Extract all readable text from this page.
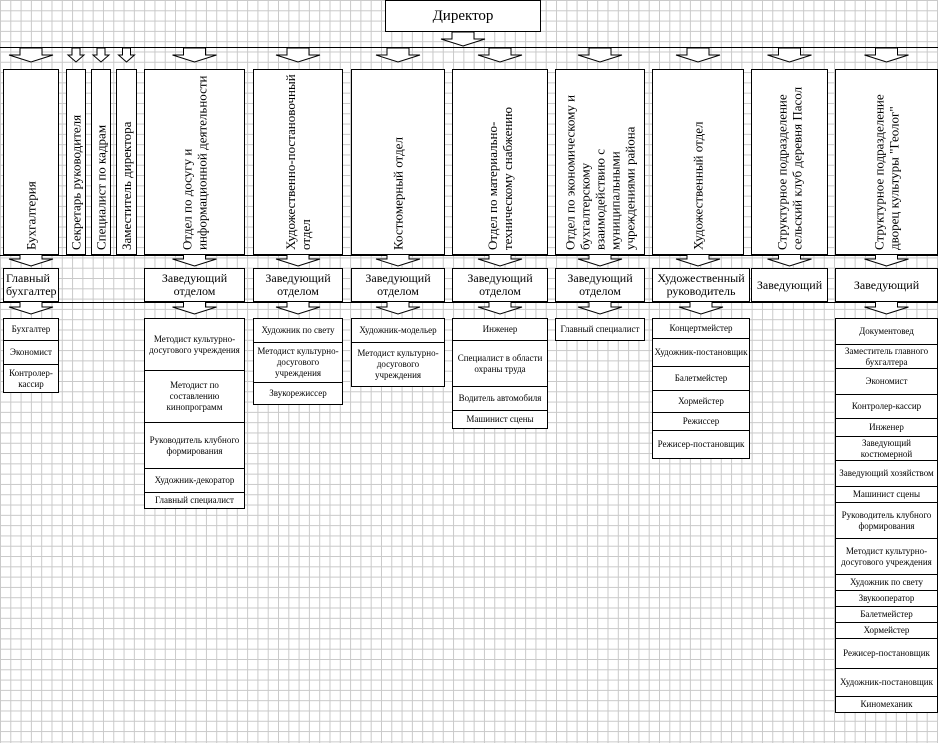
Директор
Бухгалтерия	Секретарь руководителя Специалист по кадрам Заместитель директора	Отдел по досугу и информационной деятельности	Художественно-постановочный отдел	Костюмерный отдел	Отдел по материально-техническому снабжению	Отдел по экономическому и бухгалтерскому взаимодействию с муниципальными учреждениями района	Художественный отдел	Структурное подразделение сельский клуб деревня Пасол	Структурное подразделение дворец культуры "Геолог"
Главный бухгалтер
Заведующий отделом
Заведующий отделом
Заведующий отделом
Заведующий отделом
Заведующий отделом
Художественный руководитель	Заведующий	Заведующий
Бухгалтер
Экономист
Контролер-кассир
Методист культурно-досугового учреждения
Методист по составлению кинопрограмм
Руководитель клубного формирования
Художник-декоратор
Главный специалист
Художник по свету
Методист культурно-досугового учреждения
Звукорежиссер
Художник-модельер
Методист культурно-досугового учреждения
Инженер
Специалист в области охраны труда
Водитель автомобиля
Машинист сцены
Главный специалист	Концертмейстер
Художник-постановщик
Балетмейстер
Хормейстер
Режиссер
Режисер-постановщик
Документовед
Заместитель главного бухгалтера
Экономист
Контролер-кассир
Инженер
Заведующий костюмерной
Заведующий хозяйством
Машинист сцены
Руководитель клубного формирования
Методист культурно-досугового учреждения
Художник по свету
Звукооператор
Балетмейстер
Хормейстер
Режисер-постановщик
Художник-постановщик
Киномеханик
